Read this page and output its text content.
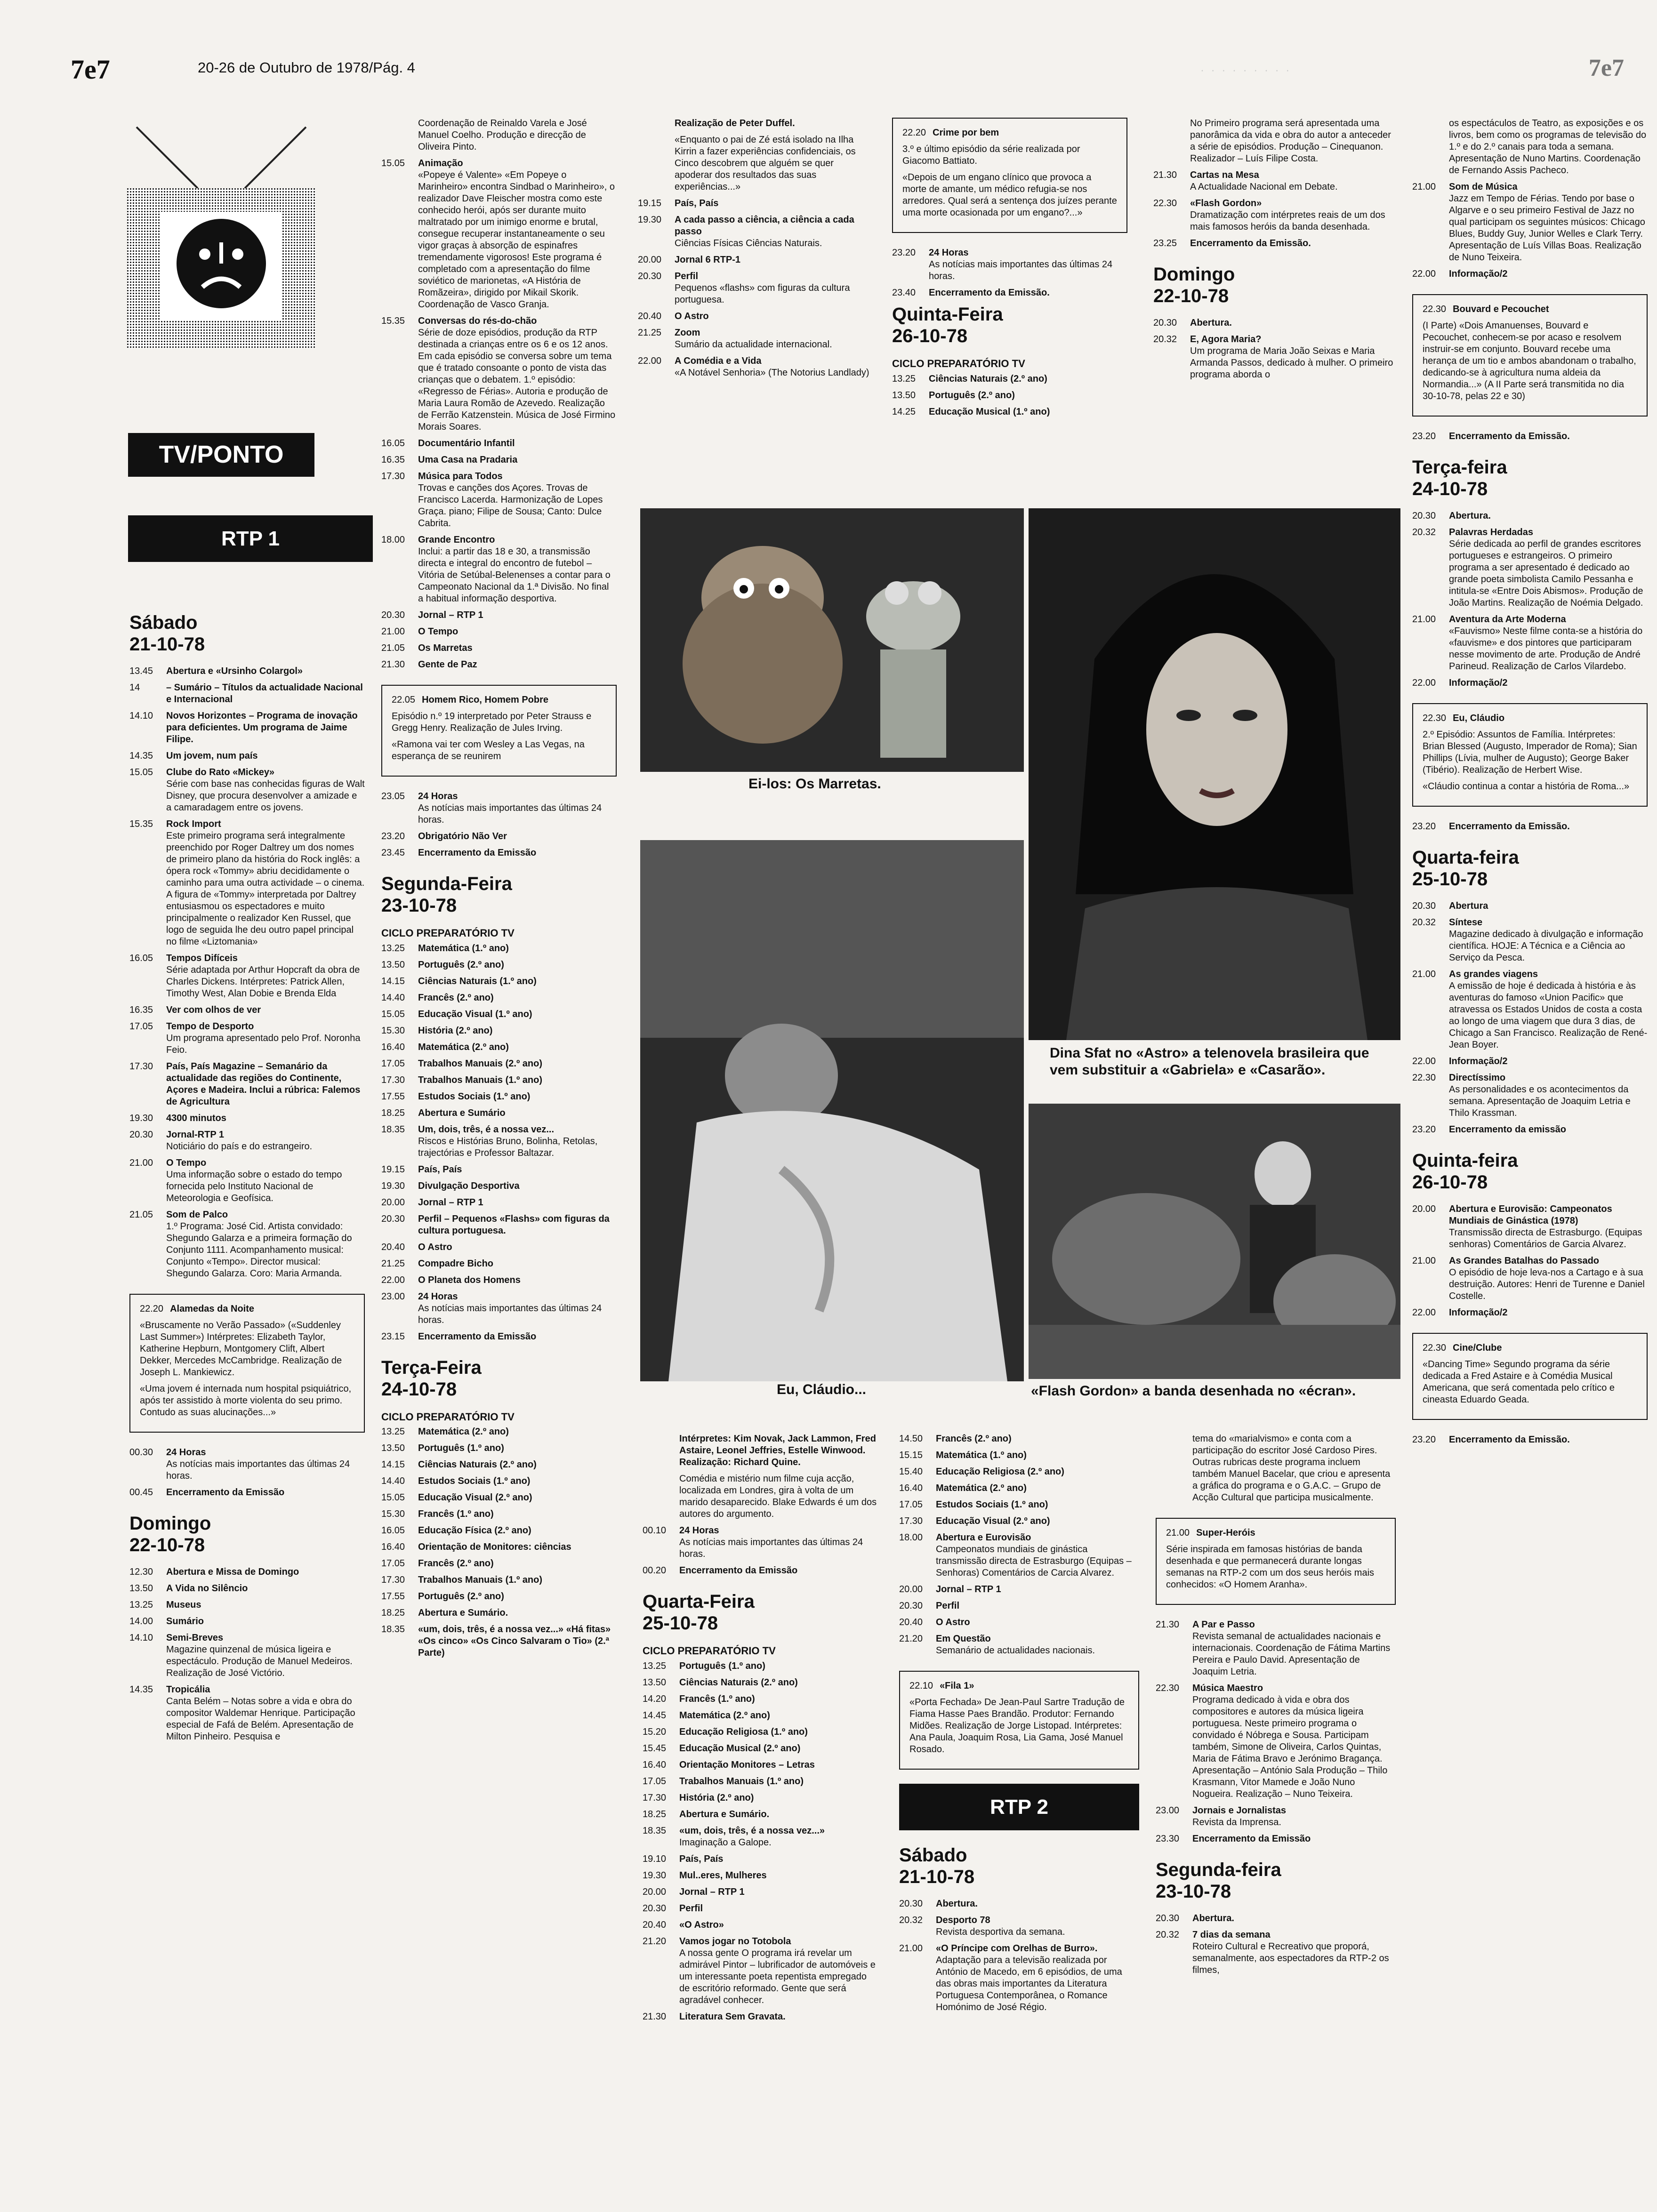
7e7	20-26 de Outubro de 1978/Pág. 4	· · · · · · · · ·	7e7
TV/PONTO
RTP 1
Sábado
21-10-78
13.45	Abertura e «Ursinho Colargol»
14	– Sumário – Títulos da actualidade Nacional e Internacional
14.10	Novos Horizontes – Programa de inovação para deficientes. Um programa de Jaime Filipe.
14.35	Um jovem, num país
15.05	Clube do Rato «Mickey»
Série com base nas conhecidas figuras de Walt Disney, que procura desenvolver a amizade e a camaradagem entre os jovens.
15.35	Rock Import
Este primeiro programa será integralmente preenchido por Roger Daltrey um dos nomes de primeiro plano da história do Rock inglês: a ópera rock «Tommy» abriu decididamente o caminho para uma outra actividade – o cinema. A figura de «Tommy» interpretada por Daltrey entusiasmou os espectadores e muito principalmente o realizador Ken Russel, que logo de seguida lhe deu outro papel principal no filme «Liztomania»
16.05	Tempos Difíceis
Série adaptada por Arthur Hopcraft da obra de Charles Dickens. Intérpretes: Patrick Allen, Timothy West, Alan Dobie e Brenda Elda
16.35	Ver com olhos de ver
17.05	Tempo de Desporto
Um programa apresentado pelo Prof. Noronha Feio.
17.30	País, País Magazine – Semanário da actualidade das regiões do Continente, Açores e Madeira. Inclui a rúbrica: Falemos de Agricultura
19.30	4300 minutos
20.30	Jornal-RTP 1
Noticiário do país e do estrangeiro.
21.00	O Tempo
Uma informação sobre o estado do tempo fornecida pelo Instituto Nacional de Meteorologia e Geofísica.
21.05	Som de Palco
1.º Programa: José Cid. Artista convidado: Shegundo Galarza e a primeira formação do Conjunto 1111. Acompanhamento musical: Conjunto «Tempo». Director musical: Shegundo Galarza. Coro: Maria Armanda.
22.20 Alamedas da Noite

«Bruscamente no Verão Passado» («Suddenley Last Summer») Intérpretes: Elizabeth Taylor, Katherine Hepburn, Montgomery Clift, Albert Dekker, Mercedes McCambridge. Realização de Joseph L. Mankiewicz.

«Uma jovem é internada num hospital psiquiátrico, após ter assistido à morte violenta do seu primo. Contudo as suas alucinações...»

00.30	24 Horas
As notícias mais importantes das últimas 24 horas.
00.45	Encerramento da Emissão
Domingo
22-10-78
12.30	Abertura e Missa de Domingo
13.50	A Vida no Silêncio
13.25	Museus
14.00	Sumário
14.10	Semi-Breves
Magazine quinzenal de música ligeira e espectáculo. Produção de Manuel Medeiros. Realização de José Victório.
14.35	Tropicália
Canta Belém – Notas sobre a vida e obra do compositor Waldemar Henrique. Participação especial de Fafá de Belém. Apresentação de Milton Pinheiro. Pesquisa e
Coordenação de Reinaldo Varela e José Manuel Coelho. Produção e direcção de Oliveira Pinto.
15.05	Animação
«Popeye é Valente» «Em Popeye o Marinheiro» encontra Sindbad o Marinheiro», o realizador Dave Fleischer mostra como este conhecido herói, após ser durante muito maltratado por um inimigo enorme e brutal, consegue recuperar instantaneamente o seu vigor graças à absorção de espinafres tremendamente vigorosos! Este programa é completado com a apresentação do filme soviético de marionetas, «A História de Romãzeira», dirigido por Mikail Skorik. Coordenação de Vasco Granja.
15.35	Conversas do rés-do-chão
Série de doze episódios, produção da RTP destinada a crianças entre os 6 e os 12 anos. Em cada episódio se conversa sobre um tema que é tratado consoante o ponto de vista das crianças que o debatem. 1.º episódio: «Regresso de Férias». Autoria e produção de Maria Laura Romão de Azevedo. Realização de Ferrão Katzenstein. Música de José Firmino Morais Soares.
16.05	Documentário Infantil
16.35	Uma Casa na Pradaria
17.30	Música para Todos
Trovas e canções dos Açores. Trovas de Francisco Lacerda. Harmonização de Lopes Graça. piano; Filipe de Sousa; Canto: Dulce Cabrita.
18.00	Grande Encontro
Inclui: a partir das 18 e 30, a transmissão directa e integral do encontro de futebol – Vitória de Setúbal-Belenenses a contar para o Campeonato Nacional da 1.ª Divisão. No final a habitual informação desportiva.
20.30	Jornal – RTP 1
21.00	O Tempo
21.05	Os Marretas
21.30	Gente de Paz
22.05 Homem Rico, Homem Pobre

Episódio n.º 19 interpretado por Peter Strauss e Gregg Henry. Realização de Jules Irving.

«Ramona vai ter com Wesley a Las Vegas, na esperança de se reunirem

23.05	24 Horas
As notícias mais importantes das últimas 24 horas.
23.20	Obrigatório Não Ver
23.45	Encerramento da Emissão
Segunda-Feira
23-10-78
CICLO PREPARATÓRIO TV
13.25	Matemática (1.º ano)
13.50	Português (2.º ano)
14.15	Ciências Naturais (1.º ano)
14.40	Francês (2.º ano)
15.05	Educação Visual (1.º ano)
15.30	História (2.º ano)
16.40	Matemática (2.º ano)
17.05	Trabalhos Manuais (2.º ano)
17.30	Trabalhos Manuais (1.º ano)
17.55	Estudos Sociais (1.º ano)
18.25	Abertura e Sumário
18.35	Um, dois, três, é a nossa vez...
Riscos e Histórias Bruno, Bolinha, Retolas, trajectórias e Professor Baltazar.
19.15	País, País
19.30	Divulgação Desportiva
20.00	Jornal – RTP 1
20.30	Perfil – Pequenos «Flashs» com figuras da cultura portuguesa.
20.40	O Astro
21.25	Compadre Bicho
22.00	O Planeta dos Homens
23.00	24 Horas
As notícias mais importantes das últimas 24 horas.
23.15	Encerramento da Emissão
Terça-Feira
24-10-78
CICLO PREPARATÓRIO TV
13.25	Matemática (2.º ano)
13.50	Português (1.º ano)
14.15	Ciências Naturais (2.º ano)
14.40	Estudos Sociais (1.º ano)
15.05	Educação Visual (2.º ano)
15.30	Francês (1.º ano)
16.05	Educação Física (2.º ano)
16.40	Orientação de Monitores: ciências
17.05	Francês (2.º ano)
17.30	Trabalhos Manuais (1.º ano)
17.55	Português (2.º ano)
18.25	Abertura e Sumário.
18.35	«um, dois, três, é a nossa vez...» «Há fitas» «Os cinco» «Os Cinco Salvaram o Tio» (2.ª Parte)
Realização de Peter Duffel.
«Enquanto o pai de Zé está isolado na Ilha Kirrin a fazer experiências confidenciais, os Cinco descobrem que alguém se quer apoderar dos resultados das suas experiências...»
19.15	País, País
19.30	A cada passo a ciência, a ciência a cada passo
Ciências Físicas Ciências Naturais.
20.00	Jornal 6 RTP-1
20.30	Perfil
Pequenos «flashs» com figuras da cultura portuguesa.
20.40	O Astro
21.25	Zoom
Sumário da actualidade internacional.
22.00	A Comédia e a Vida
«A Notável Senhoria» (The Notorius Landlady)
22.20 Crime por bem

3.º e último episódio da série realizada por Giacomo Battiato.

«Depois de um engano clínico que provoca a morte de amante, um médico refugia-se nos arredores. Qual será a sentença dos juízes perante uma morte ocasionada por um engano?...»

23.20	24 Horas
As notícias mais importantes das últimas 24 horas.
23.40	Encerramento da Emissão.
Quinta-Feira
26-10-78
CICLO PREPARATÓRIO TV
13.25	Ciências Naturais (2.º ano)
13.50	Português (2.º ano)
14.25	Educação Musical (1.º ano)
No Primeiro programa será apresentada uma panorâmica da vida e obra do autor a anteceder a série de episódios. Produção – Cinequanon. Realizador – Luís Filipe Costa.
21.30	Cartas na Mesa
A Actualidade Nacional em Debate.
22.30	«Flash Gordon»
Dramatização com intérpretes reais de um dos mais famosos heróis da banda desenhada.
23.25	Encerramento da Emissão.
Domingo
22-10-78
20.30	Abertura.
20.32	E, Agora Maria?
Um programa de Maria João Seixas e Maria Armanda Passos, dedicado à mulher. O primeiro programa aborda o
os espectáculos de Teatro, as exposições e os livros, bem como os programas de televisão do 1.º e do 2.º canais para toda a semana. Apresentação de Nuno Martins. Coordenação de Fernando Assis Pacheco.
21.00	Som de Música
Jazz em Tempo de Férias. Tendo por base o Algarve e o seu primeiro Festival de Jazz no qual participam os seguintes músicos: Chicago Blues, Buddy Guy, Junior Welles e Clark Terry. Apresentação de Luís Villas Boas. Realização de Nuno Teixeira.
22.00	Informação/2
22.30 Bouvard e Pecouchet

(I Parte) «Dois Amanuenses, Bouvard e Pecouchet, conhecem-se por acaso e resolvem instruir-se em conjunto. Bouvard recebe uma herança de um tio e ambos abandonam o trabalho, dedicando-se à agricultura numa aldeia da Normandia...» (A II Parte será transmitida no dia 30-10-78, pelas 22 e 30)

23.20	Encerramento da Emissão.
Terça-feira
24-10-78
20.30	Abertura.
20.32	Palavras Herdadas
Série dedicada ao perfil de grandes escritores portugueses e estrangeiros. O primeiro programa a ser apresentado é dedicado ao grande poeta simbolista Camilo Pessanha e intitula-se «Entre Dois Abismos». Produção de João Martins. Realização de Noémia Delgado.
21.00	Aventura da Arte Moderna
«Fauvismo» Neste filme conta-se a história do «fauvisme» e dos pintores que participaram nesse movimento de arte. Produção de André Parineud. Realização de Carlos Vilardebo.
22.00	Informação/2
22.30 Eu, Cláudio

2.º Episódio: Assuntos de Família. Intérpretes: Brian Blessed (Augusto, Imperador de Roma); Sian Phillips (Lívia, mulher de Augusto); George Baker (Tibério). Realização de Herbert Wise.

«Cláudio continua a contar a história de Roma...»

23.20	Encerramento da Emissão.
Quarta-feira
25-10-78
20.30	Abertura
20.32	Síntese
Magazine dedicado à divulgação e informação científica. HOJE: A Técnica e a Ciência ao Serviço da Pesca.
21.00	As grandes viagens
A emissão de hoje é dedicada à história e às aventuras do famoso «Union Pacific» que atravessa os Estados Unidos de costa a costa ao longo de uma viagem que dura 3 dias, de Chicago a San Francisco. Realização de René-Jean Boyer.
22.00	Informação/2
22.30	Directíssimo
As personalidades e os acontecimentos da semana. Apresentação de Joaquim Letria e Thilo Krassman.
23.20	Encerramento da emissão
Quinta-feira
26-10-78
20.00	Abertura e Eurovisão: Campeonatos Mundiais de Ginástica (1978)
Transmissão directa de Estrasburgo. (Equipas senhoras) Comentários de Garcia Alvarez.
21.00	As Grandes Batalhas do Passado
O episódio de hoje leva-nos a Cartago e à sua destruição. Autores: Henri de Turenne e Daniel Costelle.
22.00	Informação/2
22.30 Cine/Clube

«Dancing Time» Segundo programa da série dedicada a Fred Astaire e à Comédia Musical Americana, que será comentada pelo crítico e cineasta Eduardo Geada.

23.20	Encerramento da Emissão.
Ei-los: Os Marretas.
Dina Sfat no «Astro» a telenovela brasileira que vem substituir a «Gabriela» e «Casarão».
Eu, Cláudio...	«Flash Gordon» a banda desenhada no «écran».
Intérpretes: Kim Novak, Jack Lammon, Fred Astaire, Leonel Jeffries, Estelle Winwood. Realização: Richard Quine.
Comédia e mistério num filme cuja acção, localizada em Londres, gira à volta de um marido desaparecido. Blake Edwards é um dos autores do argumento.
00.10	24 Horas
As notícias mais importantes das últimas 24 horas.
00.20	Encerramento da Emissão
Quarta-Feira
25-10-78
CICLO PREPARATÓRIO TV
13.25	Português (1.º ano)
13.50	Ciências Naturais (2.º ano)
14.20	Francês (1.º ano)
14.45	Matemática (2.º ano)
15.20	Educação Religiosa (1.º ano)
15.45	Educação Musical (2.º ano)
16.40	Orientação Monitores – Letras
17.05	Trabalhos Manuais (1.º ano)
17.30	História (2.º ano)
18.25	Abertura e Sumário.
18.35	«um, dois, três, é a nossa vez...»
Imaginação a Galope.
19.10	País, País
19.30	Mul..eres, Mulheres
20.00	Jornal – RTP 1
20.30	Perfil
20.40	«O Astro»
21.20	Vamos jogar no Totobola
A nossa gente O programa irá revelar um admirável Pintor – lubrificador de automóveis e um interessante poeta repentista empregado de escritório reformado. Gente que será agradável conhecer.
21.30	Literatura Sem Gravata.
14.50	Francês (2.º ano)
15.15	Matemática (1.º ano)
15.40	Educação Religiosa (2.º ano)
16.40	Matemática (2.º ano)
17.05	Estudos Sociais (1.º ano)
17.30	Educação Visual (2.º ano)
18.00	Abertura e Eurovisão
Campeonatos mundiais de ginástica transmissão directa de Estrasburgo (Equipas – Senhoras) Comentários de Carcia Alvarez.
20.00	Jornal – RTP 1
20.30	Perfil
20.40	O Astro
21.20	Em Questão
Semanário de actualidades nacionais.
22.10 «Fila 1»

«Porta Fechada» De Jean-Paul Sartre Tradução de Fiama Hasse Paes Brandão. Produtor: Fernando Midões. Realização de Jorge Listopad. Intérpretes: Ana Paula, Joaquim Rosa, Lia Gama, José Manuel Rosado.

RTP 2
Sábado
21-10-78
20.30	Abertura.
20.32	Desporto 78
Revista desportiva da semana.
21.00	«O Príncipe com Orelhas de Burro».
Adaptação para a televisão realizada por António de Macedo, em 6 episódios, de uma das obras mais importantes da Literatura Portuguesa Contemporânea, o Romance Homónimo de José Régio.
tema do «marialvismo» e conta com a participação do escritor José Cardoso Pires. Outras rubricas deste programa incluem também Manuel Bacelar, que criou e apresenta a gráfica do programa e o G.A.C. – Grupo de Acção Cultural que participa musicalmente.
21.00 Super-Heróis

Série inspirada em famosas histórias de banda desenhada e que permanecerá durante longas semanas na RTP-2 com um dos seus heróis mais conhecidos: «O Homem Aranha».

21.30	A Par e Passo
Revista semanal de actualidades nacionais e internacionais. Coordenação de Fátima Martins Pereira e Paulo David. Apresentação de Joaquim Letria.
22.30	Música Maestro
Programa dedicado à vida e obra dos compositores e autores da música ligeira portuguesa. Neste primeiro programa o convidado é Nóbrega e Sousa. Participam também, Simone de Oliveira, Carlos Quintas, Maria de Fátima Bravo e Jerónimo Bragança. Apresentação – António Sala Produção – Thilo Krasmann, Vitor Mamede e João Nuno Nogueira. Realização – Nuno Teixeira.
23.00	Jornais e Jornalistas
Revista da Imprensa.
23.30	Encerramento da Emissão
Segunda-feira
23-10-78
20.30	Abertura.
20.32	7 dias da semana
Roteiro Cultural e Recreativo que proporá, semanalmente, aos espectadores da RTP-2 os filmes,
